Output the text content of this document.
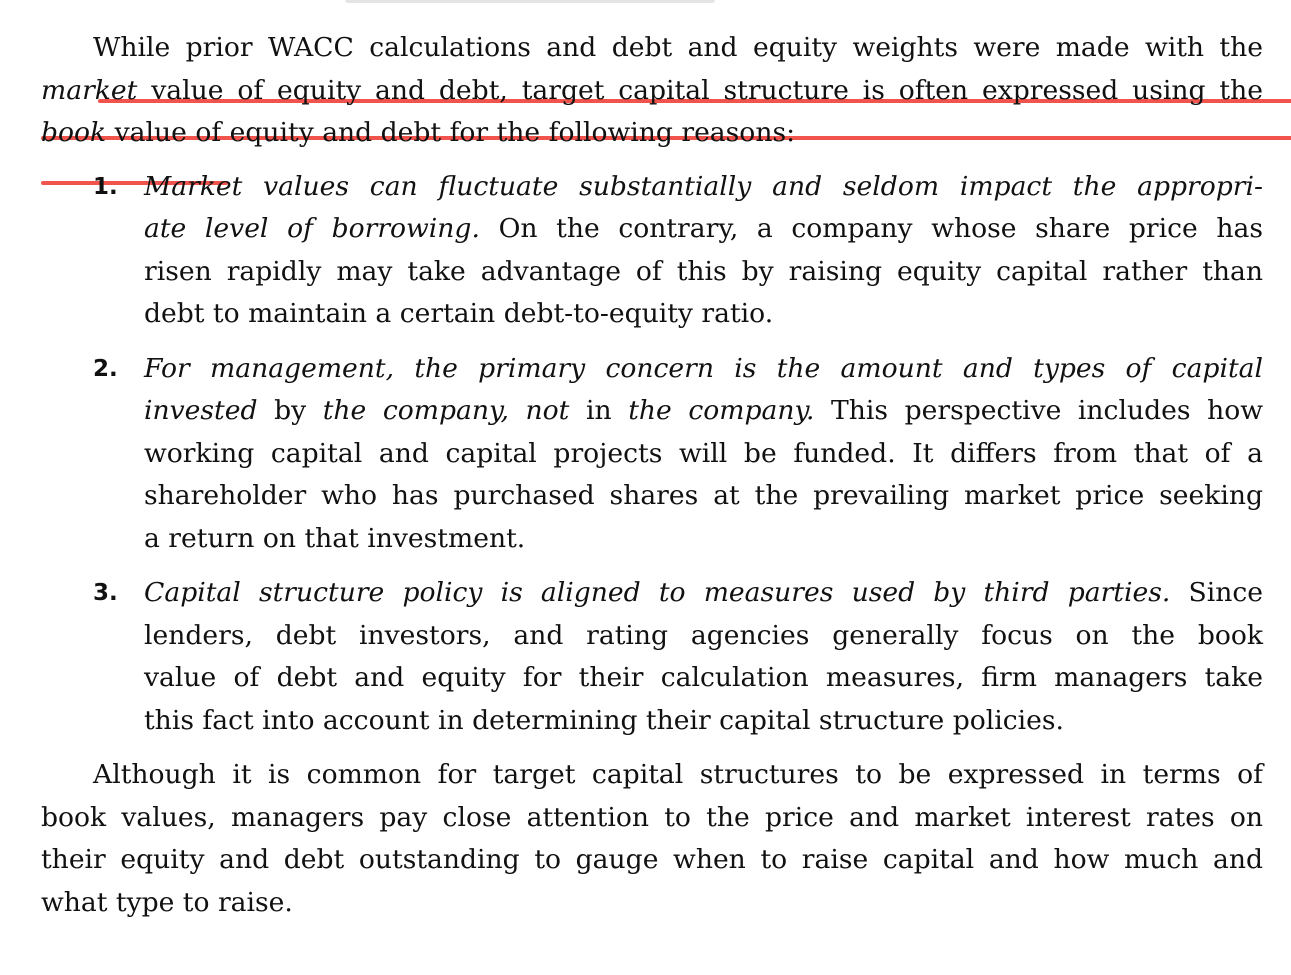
While prior WACC calculations and debt and equity weights were made with the
market value of equity and debt, target capital structure is often expressed using the
book value of equity and debt for the following reasons:
1. Market values can fluctuate substantially and seldom impact the appropri-
ate level of borrowing. On the contrary, a company whose share price has
risen rapidly may take advantage of this by raising equity capital rather than
debt to maintain a certain debt-to-equity ratio.
2. For management, the primary concern is the amount and types of capital
invested by the company, not in the company. This perspective includes how
working capital and capital projects will be funded. It differs from that of a
shareholder who has purchased shares at the prevailing market price seeking
a return on that investment.
3. Capital structure policy is aligned to measures used by third parties. Since
lenders, debt investors, and rating agencies generally focus on the book
value of debt and equity for their calculation measures, firm managers take
this fact into account in determining their capital structure policies.
Although it is common for target capital structures to be expressed in terms of
book values, managers pay close attention to the price and market interest rates on
their equity and debt outstanding to gauge when to raise capital and how much and
what type to raise.
